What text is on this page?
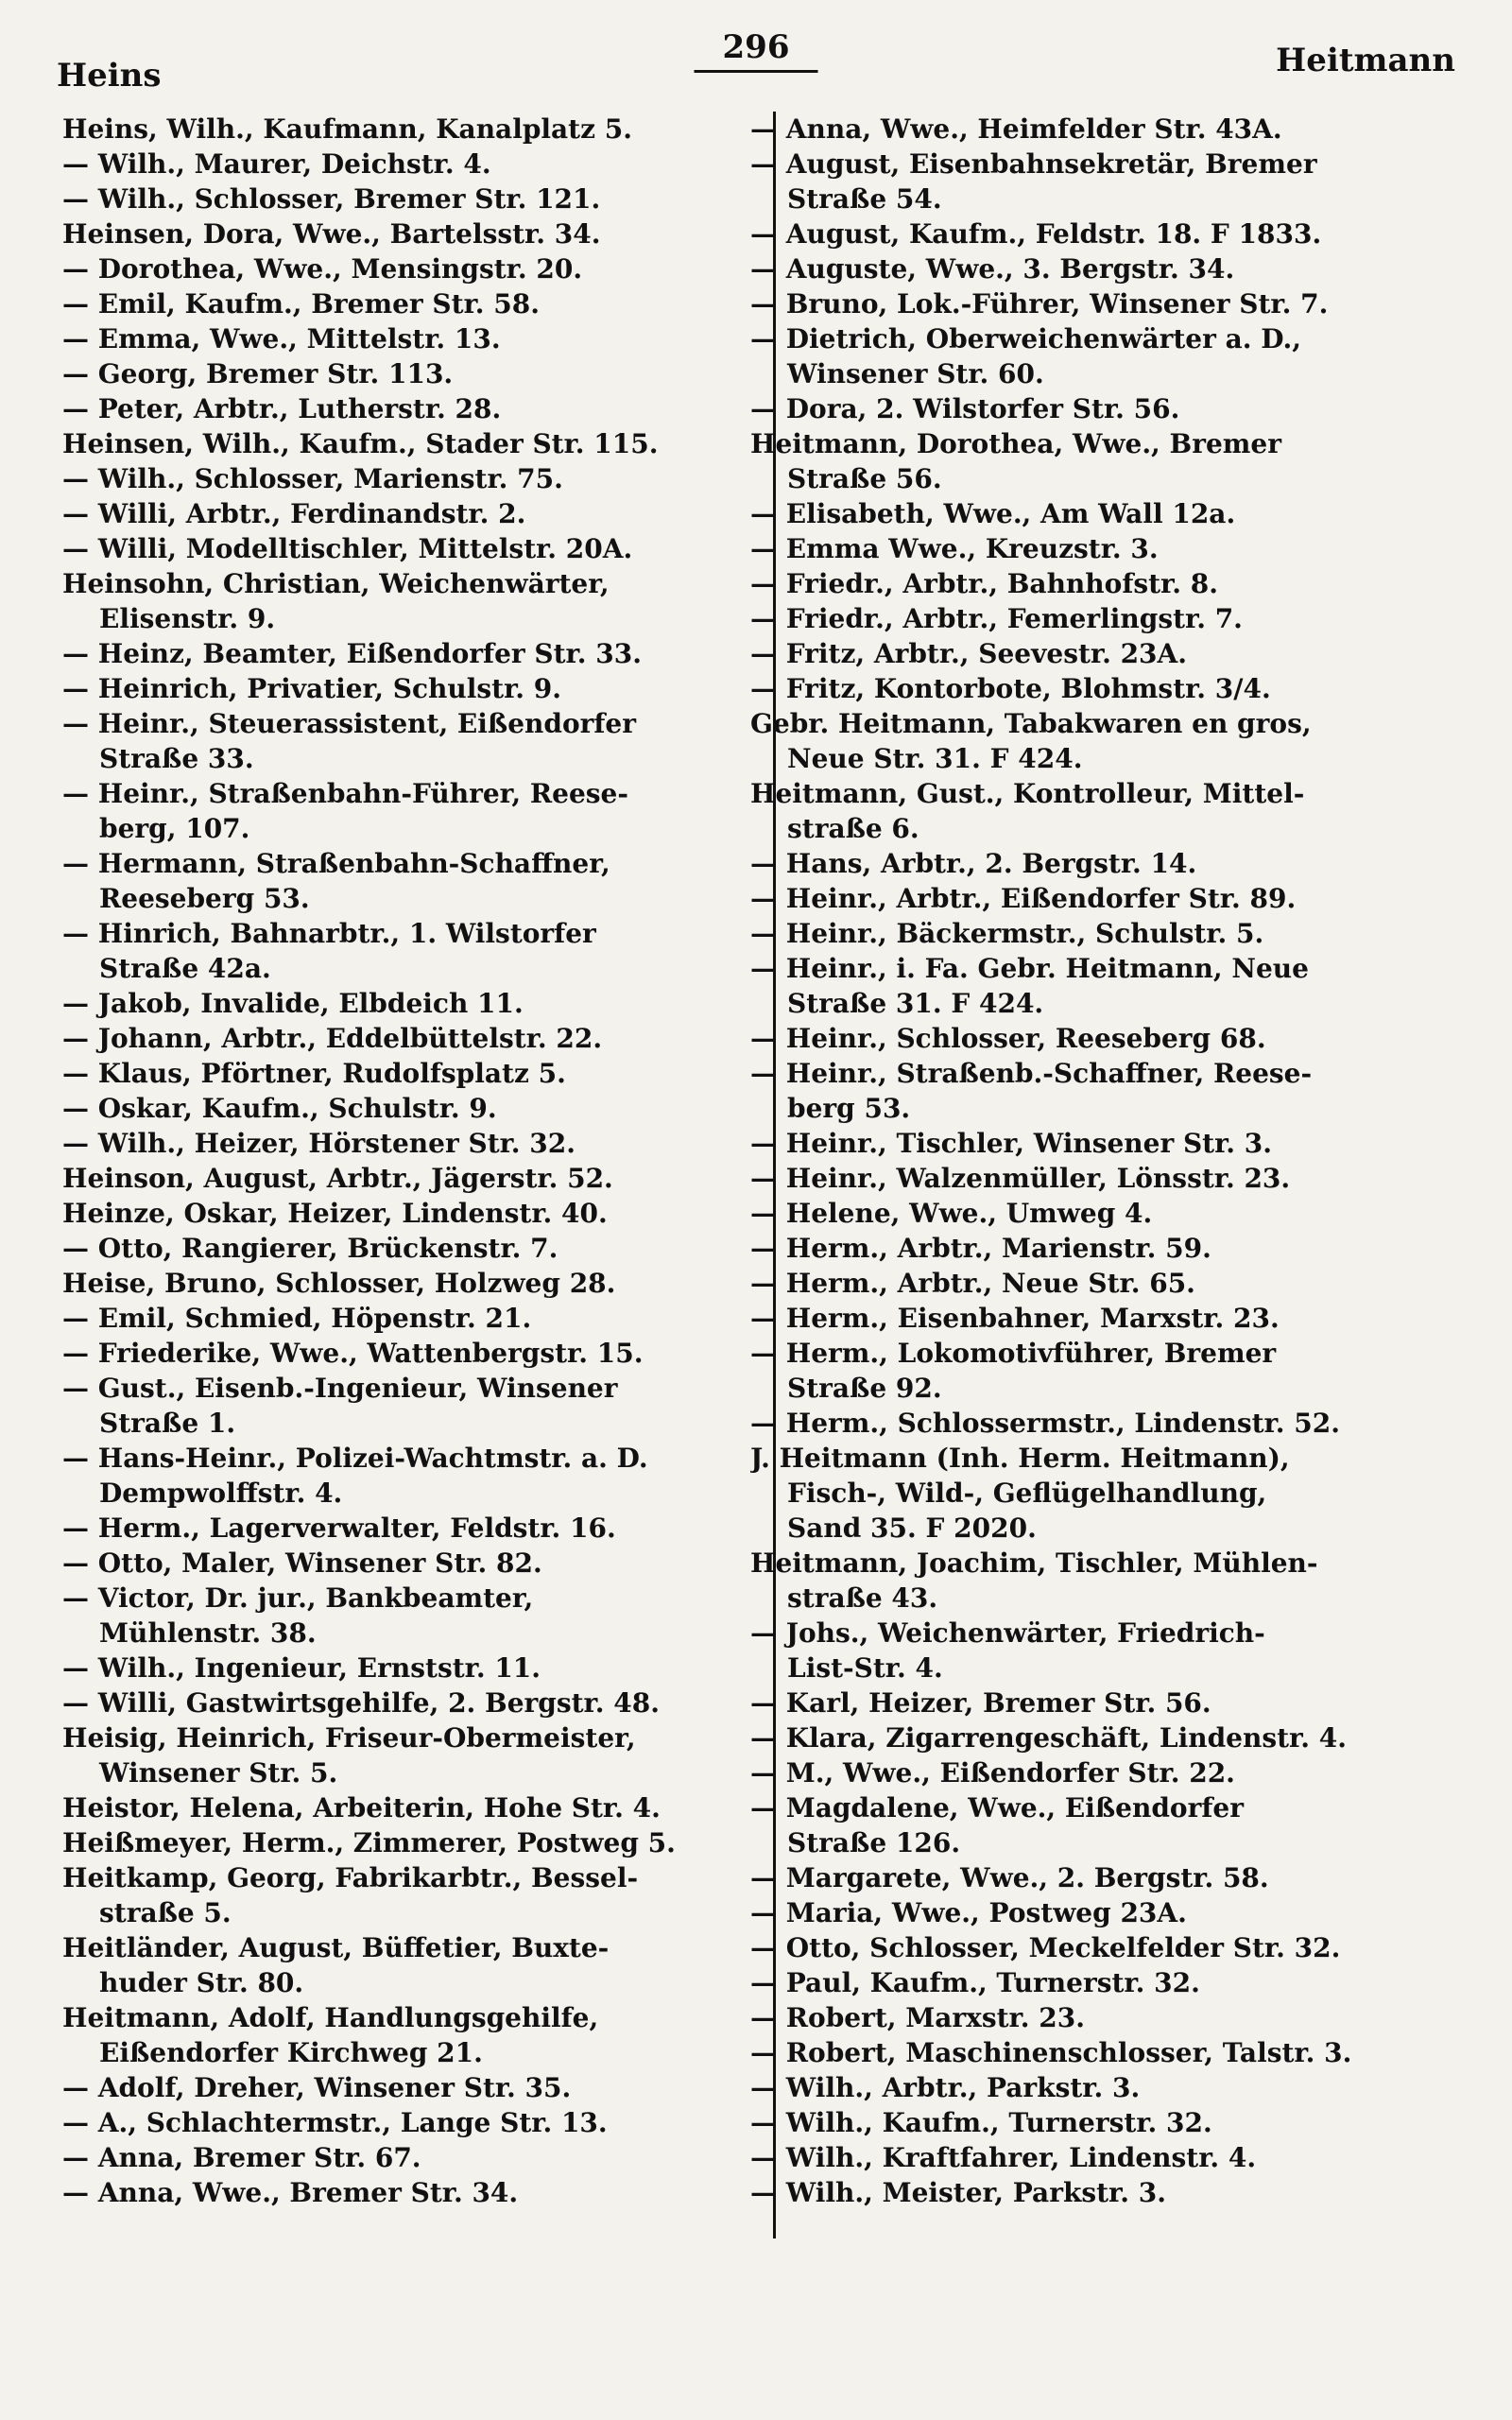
Heins
296	Heitmann

Heins, Wilh., Kaufmann, Kanalplatz 5.

— Wilh., Maurer, Deichstr. 4.

— Wilh., Schlosser, Bremer Str. 121.

Heinsen, Dora, Wwe., Bartelsstr. 34.

— Dorothea, Wwe., Mensingstr. 20.

— Emil, Kaufm., Bremer Str. 58.

— Emma, Wwe., Mittelstr. 13.

— Georg, Bremer Str. 113.

— Peter, Arbtr., Lutherstr. 28.

Heinsen, Wilh., Kaufm., Stader Str. 115.

— Wilh., Schlosser, Marienstr. 75.

— Willi, Arbtr., Ferdinandstr. 2.

— Willi, Modelltischler, Mittelstr. 20A.

Heinsohn, Christian, Weichenwärter,
Elisenstr. 9.

— Heinz, Beamter, Eißendorfer Str. 33.

— Heinrich, Privatier, Schulstr. 9.

— Heinr., Steuerassistent, Eißendorfer
Straße 33.

— Heinr., Straßenbahn-Führer, Reese-
berg, 107.

— Hermann, Straßenbahn-Schaffner,
Reeseberg 53.

— Hinrich, Bahnarbtr., 1. Wilstorfer
Straße 42a.

— Jakob, Invalide, Elbdeich 11.

— Johann, Arbtr., Eddelbüttelstr. 22.

— Klaus, Pförtner, Rudolfsplatz 5.

— Oskar, Kaufm., Schulstr. 9.

— Wilh., Heizer, Hörstener Str. 32.

Heinson, August, Arbtr., Jägerstr. 52.

Heinze, Oskar, Heizer, Lindenstr. 40.

— Otto, Rangierer, Brückenstr. 7.

Heise, Bruno, Schlosser, Holzweg 28.

— Emil, Schmied, Höpenstr. 21.

— Friederike, Wwe., Wattenbergstr. 15.

— Gust., Eisenb.-Ingenieur, Winsener
Straße 1.

— Hans-Heinr., Polizei-Wachtmstr. a. D.
Dempwolffstr. 4.

— Herm., Lagerverwalter, Feldstr. 16.

— Otto, Maler, Winsener Str. 82.

— Victor, Dr. jur., Bankbeamter,
Mühlenstr. 38.

— Wilh., Ingenieur, Ernststr. 11.

— Willi, Gastwirtsgehilfe, 2. Bergstr. 48.

Heisig, Heinrich, Friseur-Obermeister,
Winsener Str. 5.

Heistor, Helena, Arbeiterin, Hohe Str. 4.

Heißmeyer, Herm., Zimmerer, Postweg 5.

Heitkamp, Georg, Fabrikarbtr., Bessel-
straße 5.

Heitländer, August, Büffetier, Buxte-
huder Str. 80.

Heitmann, Adolf, Handlungsgehilfe,
Eißendorfer Kirchweg 21.

— Adolf, Dreher, Winsener Str. 35.

— A., Schlachtermstr., Lange Str. 13.

— Anna, Bremer Str. 67.

— Anna, Wwe., Bremer Str. 34.

— Anna, Wwe., Heimfelder Str. 43A.

— August, Eisenbahnsekretär, Bremer
Straße 54.

— August, Kaufm., Feldstr. 18. F 1833.

— Auguste, Wwe., 3. Bergstr. 34.

— Bruno, Lok.-Führer, Winsener Str. 7.

— Dietrich, Oberweichenwärter a. D.,
Winsener Str. 60.

— Dora, 2. Wilstorfer Str. 56.

Heitmann, Dorothea, Wwe., Bremer
Straße 56.

— Elisabeth, Wwe., Am Wall 12a.

— Emma Wwe., Kreuzstr. 3.

— Friedr., Arbtr., Bahnhofstr. 8.

— Friedr., Arbtr., Femerlingstr. 7.

— Fritz, Arbtr., Seevestr. 23A.

— Fritz, Kontorbote, Blohmstr. 3/4.

Gebr. Heitmann, Tabakwaren en gros,
Neue Str. 31. F 424.

Heitmann, Gust., Kontrolleur, Mittel-
straße 6.

— Hans, Arbtr., 2. Bergstr. 14.

— Heinr., Arbtr., Eißendorfer Str. 89.

— Heinr., Bäckermstr., Schulstr. 5.

— Heinr., i. Fa. Gebr. Heitmann, Neue
Straße 31. F 424.

— Heinr., Schlosser, Reeseberg 68.

— Heinr., Straßenb.-Schaffner, Reese-
berg 53.

— Heinr., Tischler, Winsener Str. 3.

— Heinr., Walzenmüller, Lönsstr. 23.

— Helene, Wwe., Umweg 4.

— Herm., Arbtr., Marienstr. 59.

— Herm., Arbtr., Neue Str. 65.

— Herm., Eisenbahner, Marxstr. 23.

— Herm., Lokomotivführer, Bremer
Straße 92.

— Herm., Schlossermstr., Lindenstr. 52.

J. Heitmann (Inh. Herm. Heitmann),
Fisch-, Wild-, Geflügelhandlung,
Sand 35. F 2020.

Heitmann, Joachim, Tischler, Mühlen-
straße 43.

— Johs., Weichenwärter, Friedrich-
List-Str. 4.

— Karl, Heizer, Bremer Str. 56.

— Klara, Zigarrengeschäft, Lindenstr. 4.

— M., Wwe., Eißendorfer Str. 22.

— Magdalene, Wwe., Eißendorfer
Straße 126.

— Margarete, Wwe., 2. Bergstr. 58.

— Maria, Wwe., Postweg 23A.

— Otto, Schlosser, Meckelfelder Str. 32.

— Paul, Kaufm., Turnerstr. 32.

— Robert, Marxstr. 23.

— Robert, Maschinenschlosser, Talstr. 3.

— Wilh., Arbtr., Parkstr. 3.

— Wilh., Kaufm., Turnerstr. 32.

— Wilh., Kraftfahrer, Lindenstr. 4.

— Wilh., Meister, Parkstr. 3.
